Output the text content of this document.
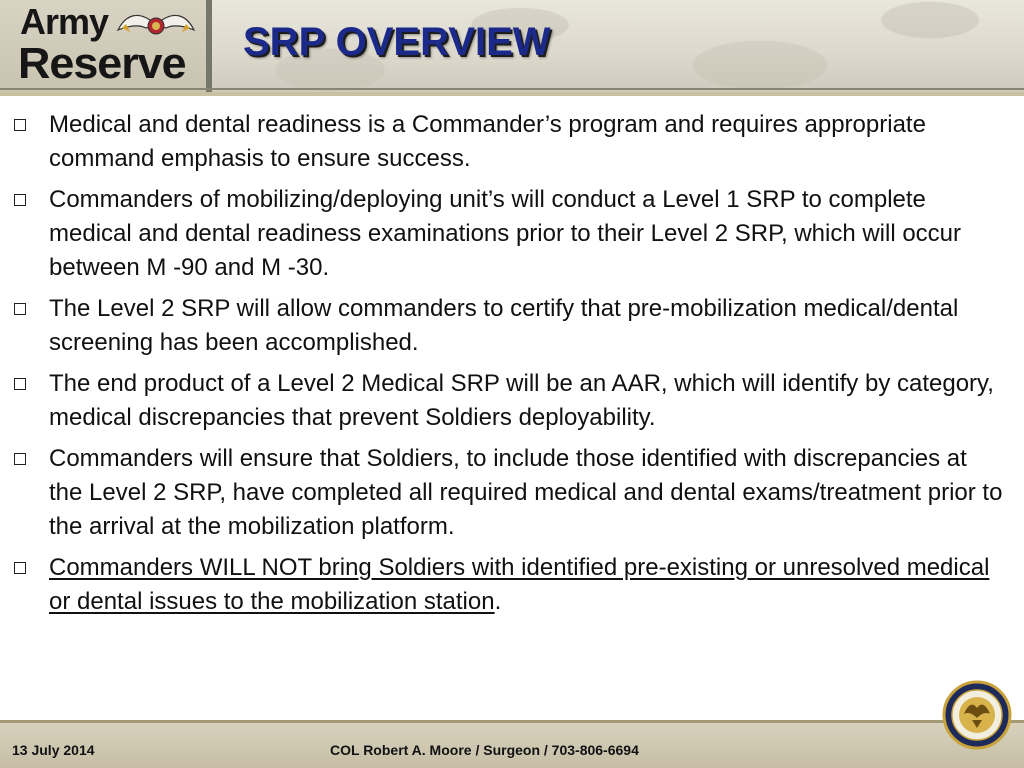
Army
Reserve SRP OVERVIEW
Medical and dental readiness is a Commander’s program and requires appropriate command emphasis to ensure success.
Commanders of mobilizing/deploying unit’s will conduct a Level 1 SRP to complete medical and dental readiness examinations prior to their Level 2 SRP, which will occur between M -90 and M -30.
The Level 2 SRP will allow commanders to certify that pre-mobilization medical/dental screening has been accomplished.
The end product of a Level 2 Medical SRP will be an AAR, which will identify by category, medical discrepancies that prevent Soldiers deployability.
Commanders will ensure that Soldiers, to include those identified with discrepancies at the Level 2 SRP, have completed all required medical and dental exams/treatment prior to the arrival at the mobilization platform.
Commanders WILL NOT bring Soldiers with identified pre-existing or unresolved medical or dental issues to the mobilization station.
13 July 2014	COL Robert A. Moore / Surgeon / 703-806-6694
